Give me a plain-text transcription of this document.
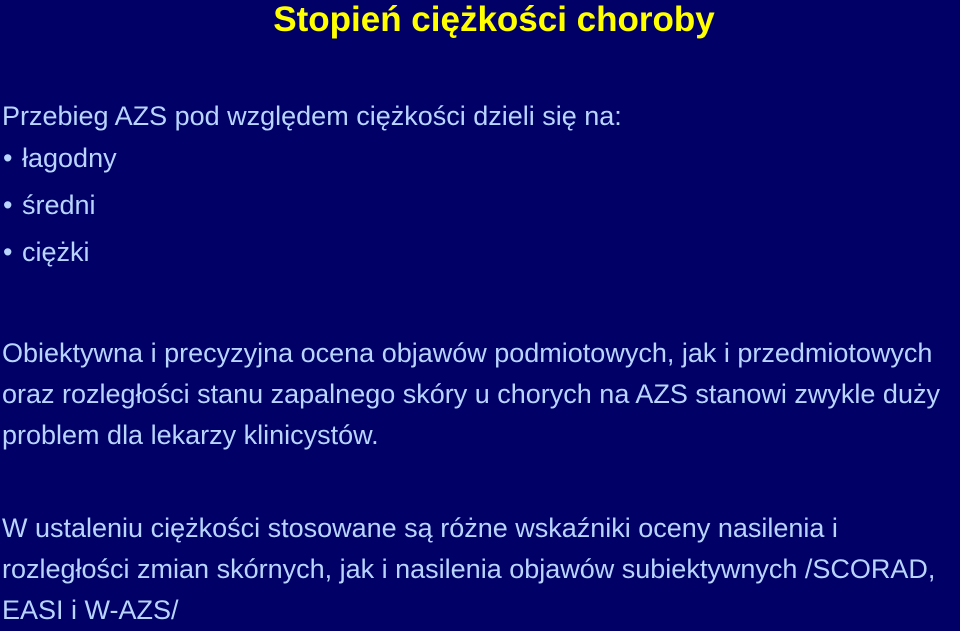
Stopień ciężkości choroby
Przebieg AZS pod względem ciężkości dzieli się na:
• łagodny
• średni
• ciężki

Obiektywna i precyzyjna ocena objawów podmiotowych, jak i przedmiotowych oraz rozległości stanu zapalnego skóry u chorych na AZS stanowi zwykle duży problem dla lekarzy klinicystów.

W ustaleniu ciężkości stosowane są różne wskaźniki oceny nasilenia i rozległości zmian skórnych, jak i nasilenia objawów subiektywnych /SCORAD, EASI i W-AZS/
